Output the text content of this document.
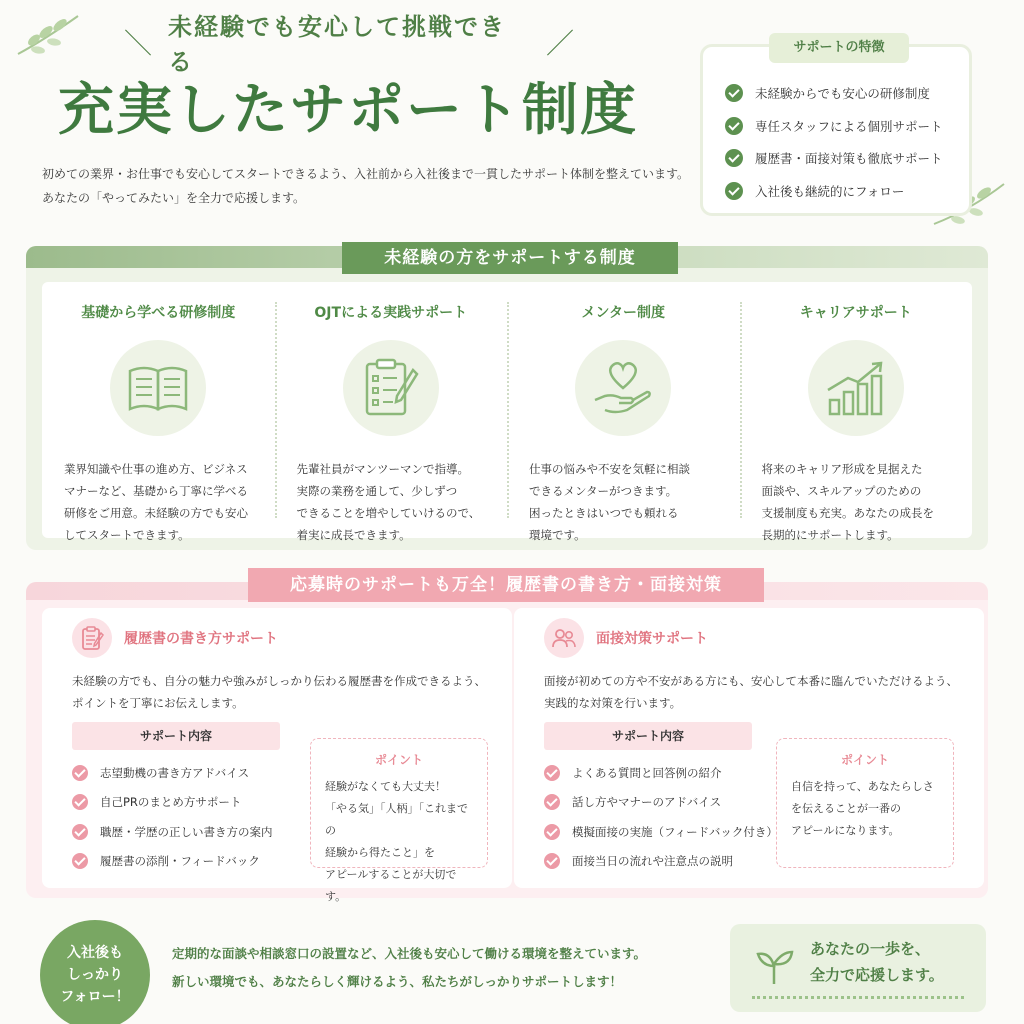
＼ 未経験でも安心して挑戦できる
／
充実したサポート制度
初めての業界・お仕事でも安心してスタートできるよう、入社前から入社後まで一貫したサポート体制を整えています。
あなたの「やってみたい」を全力で応援します。
サポートの特徴
未経験からでも安心の研修制度
専任スタッフによる個別サポート
履歴書・面接対策も徹底サポート
入社後も継続的にフォロー
未経験の方をサポートする制度
基礎から学べる研修制度
業界知識や仕事の進め方、ビジネス
マナーなど、基礎から丁寧に学べる
研修をご用意。未経験の方でも安心
してスタートできます。
OJTによる実践サポート
先輩社員がマンツーマンで指導。
実際の業務を通して、少しずつ
できることを増やしていけるので、
着実に成長できます。
メンター制度
仕事の悩みや不安を気軽に相談
できるメンターがつきます。
困ったときはいつでも頼れる
環境です。
キャリアサポート
将来のキャリア形成を見据えた
面談や、スキルアップのための
支援制度も充実。あなたの成長を
長期的にサポートします。
応募時のサポートも万全！履歴書の書き方・面接対策
履歴書の書き方サポート
未経験の方でも、自分の魅力や強みがしっかり伝わる履歴書を作成できるよう、
ポイントを丁寧にお伝えします。
サポート内容
志望動機の書き方アドバイス
自己PRのまとめ方サポート
職歴・学歴の正しい書き方の案内
履歴書の添削・フィードバック
ポイント
経験がなくても大丈夫！
「やる気」「人柄」「これまでの
経験から得たこと」を
アピールすることが大切です。
面接対策サポート
面接が初めての方や不安がある方にも、安心して本番に臨んでいただけるよう、
実践的な対策を行います。
サポート内容
よくある質問と回答例の紹介
話し方やマナーのアドバイス
模擬面接の実施（フィードバック付き）
面接当日の流れや注意点の説明
ポイント
自信を持って、あなたらしさ
を伝えることが一番の
アピールになります。
入社後も
しっかり
フォロー！
定期的な面談や相談窓口の設置など、入社後も安心して働ける環境を整えています。
新しい環境でも、あなたらしく輝けるよう、私たちがしっかりサポートします！
あなたの一歩を、
全力で応援します。
